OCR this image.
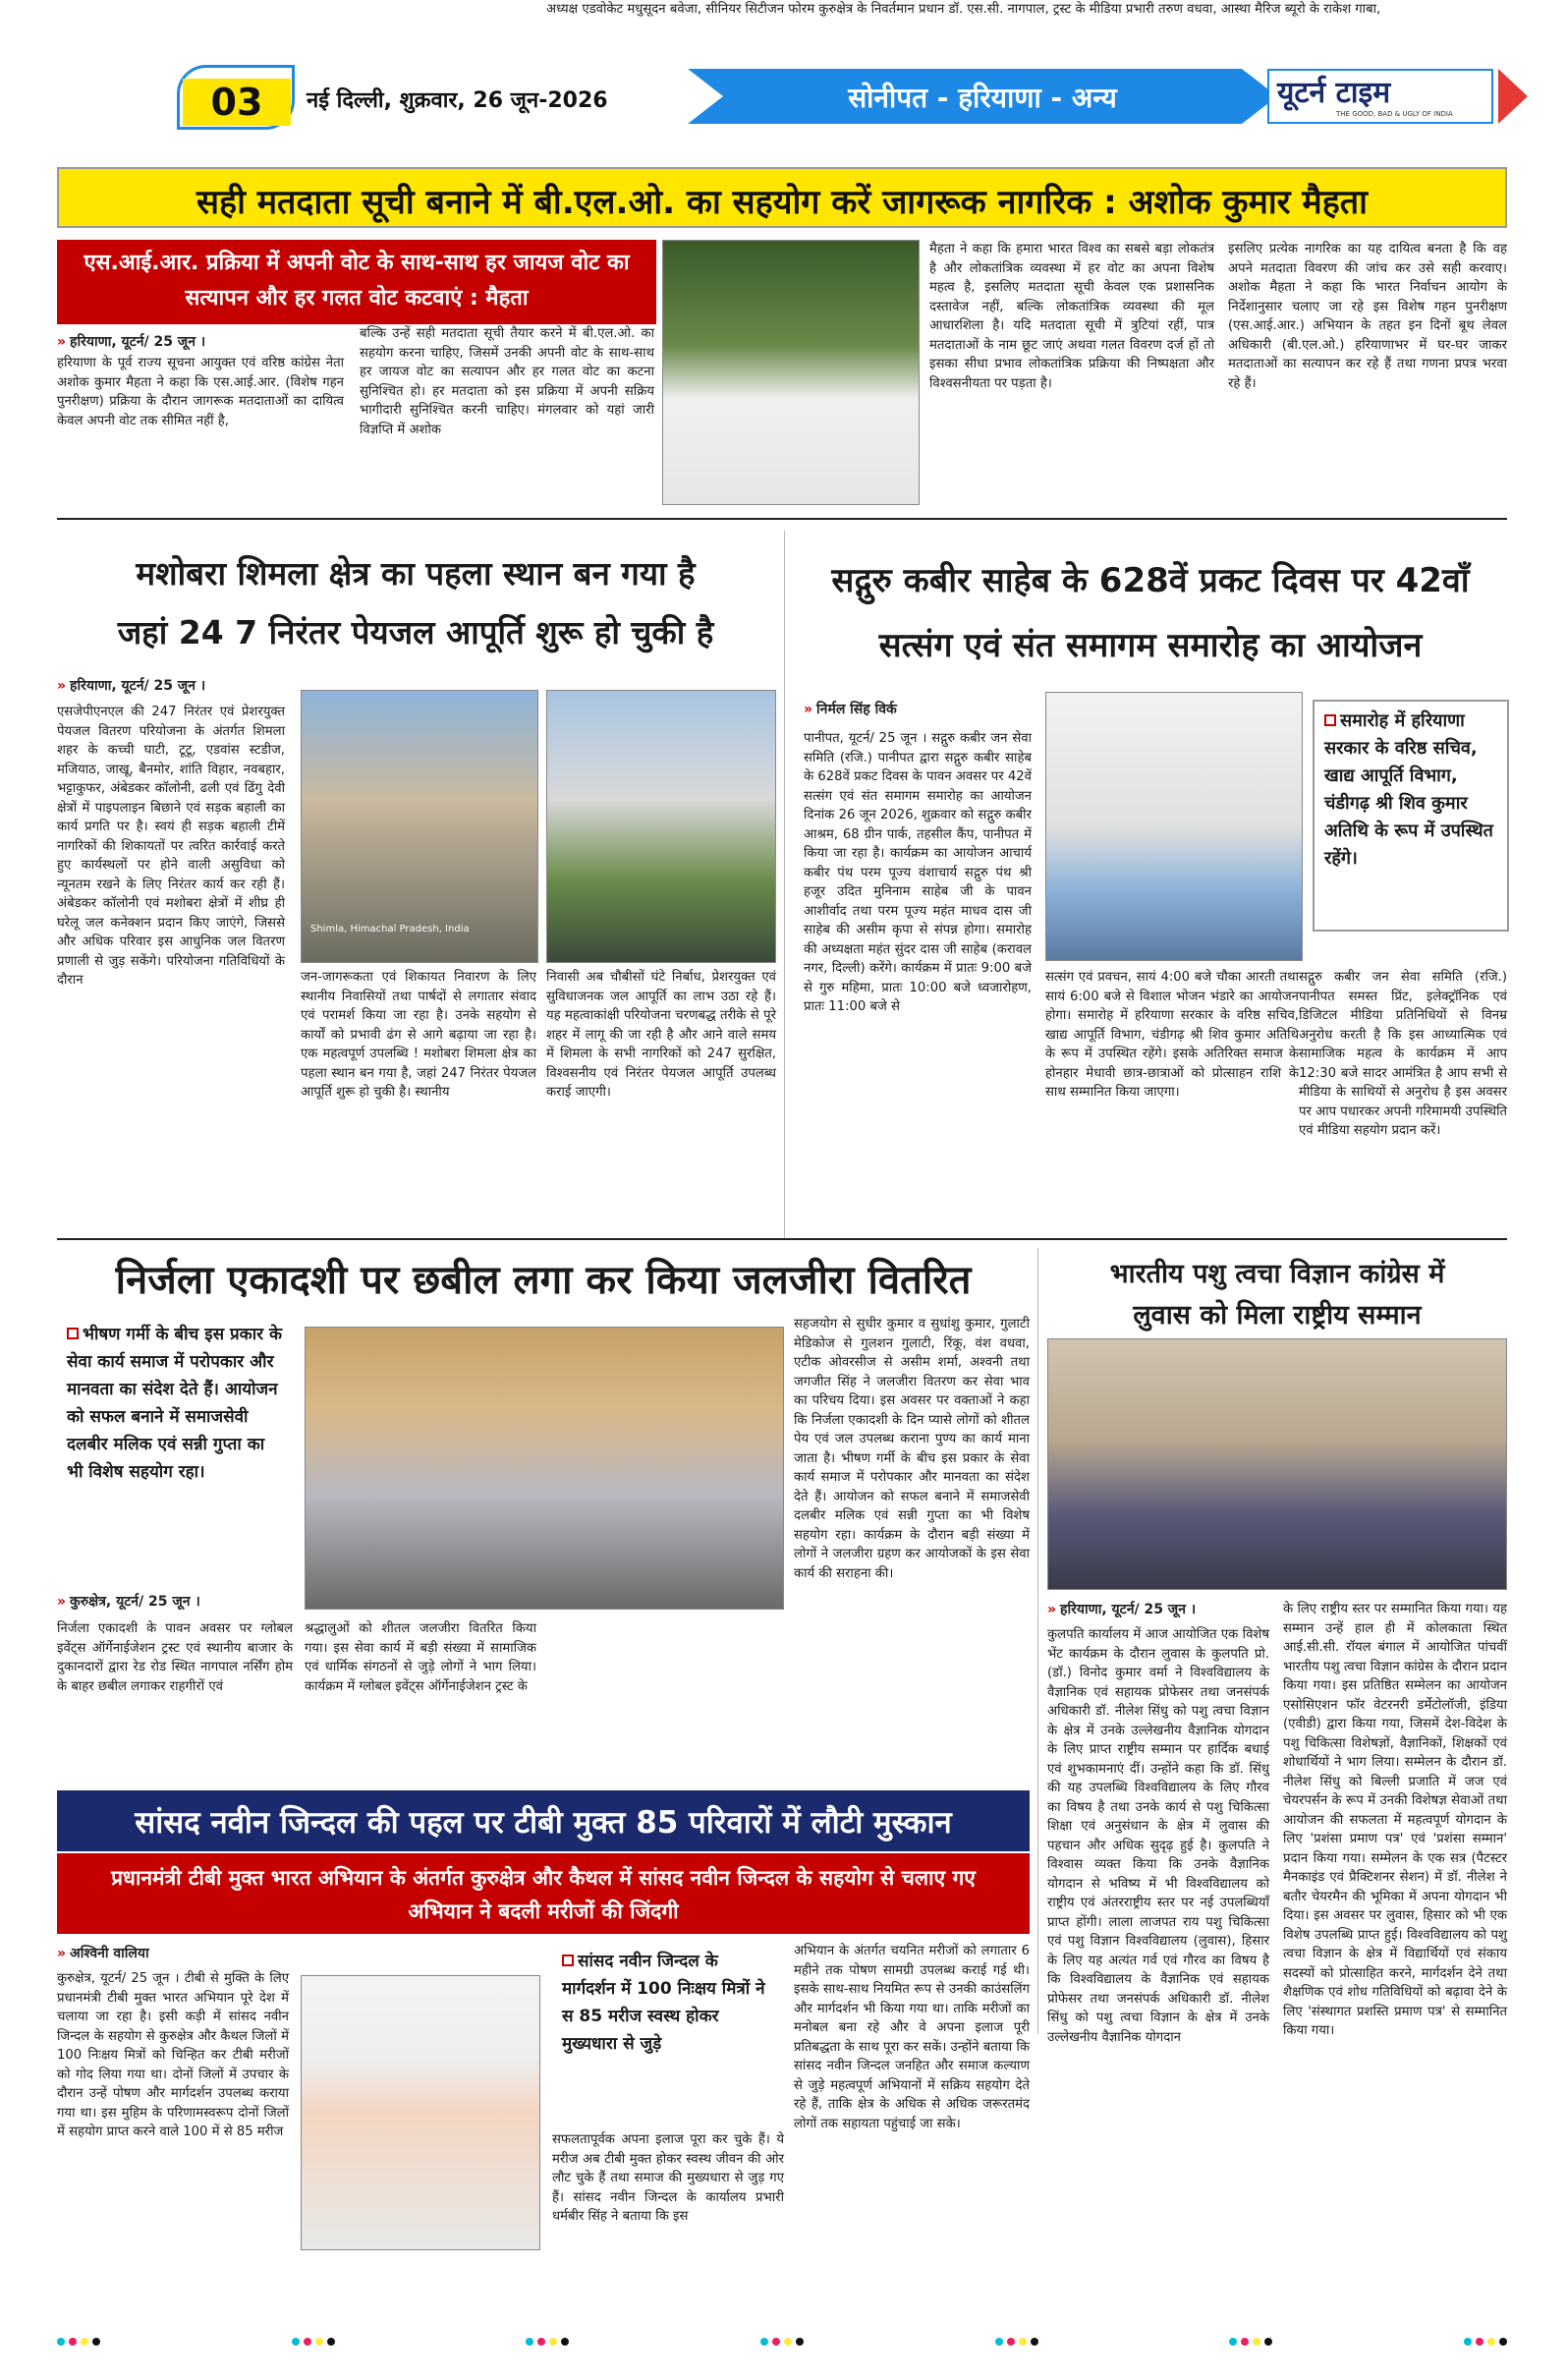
03	नई दिल्ली, शुक्रवार, 26 जून-2026	सोनीपत - हरियाणा - अन्य	यूटर्न टाइम
THE GOOD, BAD & UGLY OF INDIA
सही मतदाता सूची बनाने में बी.एल.ओ. का सहयोग करें जागरूक नागरिक : अशोक कुमार मैहता
एस.आई.आर. प्रक्रिया में अपनी वोट के साथ-साथ हर जायज वोट का सत्यापन और हर गलत वोट कटवाएं : मैहता
» हरियाणा, यूटर्न/ 25 जून ।
हरियाणा के पूर्व राज्य सूचना आयुक्त एवं वरिष्ठ कांग्रेस नेता अशोक कुमार मैहता ने कहा कि एस.आई.आर. (विशेष गहन पुनरीक्षण) प्रक्रिया के दौरान जागरूक मतदाताओं का दायित्व केवल अपनी वोट तक सीमित नहीं है,
बल्कि उन्हें सही मतदाता सूची तैयार करने में बी.एल.ओ. का सहयोग करना चाहिए, जिसमें उनकी अपनी वोट के साथ-साथ हर जायज वोट का सत्यापन और हर गलत वोट का कटना सुनिश्चित हो। हर मतदाता को इस प्रक्रिया में अपनी सक्रिय भागीदारी सुनिश्चित करनी चाहिए। मंगलवार को यहां जारी विज्ञप्ति में अशोक
मैहता ने कहा कि हमारा भारत विश्व का सबसे बड़ा लोकतंत्र है और लोकतांत्रिक व्यवस्था में हर वोट का अपना विशेष महत्व है, इसलिए मतदाता सूची केवल एक प्रशासनिक दस्तावेज नहीं, बल्कि लोकतांत्रिक व्यवस्था की मूल आधारशिला है। यदि मतदाता सूची में त्रुटियां रहीं, पात्र मतदाताओं के नाम छूट जाएं अथवा गलत विवरण दर्ज हों तो इसका सीधा प्रभाव लोकतांत्रिक प्रक्रिया की निष्पक्षता और विश्वसनीयता पर पड़ता है।
इसलिए प्रत्येक नागरिक का यह दायित्व बनता है कि वह अपने मतदाता विवरण की जांच कर उसे सही करवाए। अशोक मैहता ने कहा कि भारत निर्वाचन आयोग के निर्देशानुसार चलाए जा रहे इस विशेष गहन पुनरीक्षण (एस.आई.आर.) अभियान के तहत इन दिनों बूथ लेवल अधिकारी (बी.एल.ओ.) हरियाणाभर में घर-घर जाकर मतदाताओं का सत्यापन कर रहे हैं तथा गणना प्रपत्र भरवा रहे हैं।
मशोबरा शिमला क्षेत्र का पहला स्थान बन गया है
जहां 24 7 निरंतर पेयजल आपूर्ति शुरू हो चुकी है
» हरियाणा, यूटर्न/ 25 जून ।
एसजेपीएनएल की 247 निरंतर एवं प्रेशरयुक्त पेयजल वितरण परियोजना के अंतर्गत शिमला शहर के कच्ची घाटी, टूटू, एडवांस स्टडीज, मजियाठ, जाखू, बैनमोर, शांति विहार, नवबहार, भट्टाकुफर, अंबेडकर कॉलोनी, ढली एवं ढिंगु देवी क्षेत्रों में पाइपलाइन बिछाने एवं सड़क बहाली का कार्य प्रगति पर है। स्वयं ही सड़क बहाली टीमें नागरिकों की शिकायतों पर त्वरित कार्रवाई करते हुए कार्यस्थलों पर होने वाली असुविधा को न्यूनतम रखने के लिए निरंतर कार्य कर रही हैं। अंबेडकर कॉलोनी एवं मशोबरा क्षेत्रों में शीघ्र ही घरेलू जल कनेक्शन प्रदान किए जाएंगे, जिससे और अधिक परिवार इस आधुनिक जल वितरण प्रणाली से जुड़ सकेंगे। परियोजना गतिविधियों के दौरान
Shimla, Himachal Pradesh, India
जन-जागरूकता एवं शिकायत निवारण के लिए स्थानीय निवासियों तथा पार्षदों से लगातार संवाद एवं परामर्श किया जा रहा है। उनके सहयोग से कार्यों को प्रभावी ढंग से आगे बढ़ाया जा रहा है। एक महत्वपूर्ण उपलब्धि ! मशोबरा शिमला क्षेत्र का पहला स्थान बन गया है, जहां 247 निरंतर पेयजल आपूर्ति शुरू हो चुकी है। स्थानीय
निवासी अब चौबीसों घंटे निर्बाध, प्रेशरयुक्त एवं सुविधाजनक जल आपूर्ति का लाभ उठा रहे हैं। यह महत्वाकांक्षी परियोजना चरणबद्ध तरीके से पूरे शहर में लागू की जा रही है और आने वाले समय में शिमला के सभी नागरिकों को 247 सुरक्षित, विश्वसनीय एवं निरंतर पेयजल आपूर्ति उपलब्ध कराई जाएगी।
सद्गुरु कबीर साहेब के 628वें प्रकट दिवस पर 42वाँ
सत्संग एवं संत समागम समारोह का आयोजन
» निर्मल सिंह विर्क
पानीपत, यूटर्न/ 25 जून । सद्गुरु कबीर जन सेवा समिति (रजि.) पानीपत द्वारा सद्गुरु कबीर साहेब के 628वें प्रकट दिवस के पावन अवसर पर 42वें सत्संग एवं संत समागम समारोह का आयोजन दिनांक 26 जून 2026, शुक्रवार को सद्गुरु कबीर आश्रम, 68 ग्रीन पार्क, तहसील कैंप, पानीपत में किया जा रहा है। कार्यक्रम का आयोजन आचार्य कबीर पंथ परम पूज्य वंशाचार्य सद्गुरु पंथ श्री हजूर उदित मुनिनाम साहेब जी के पावन आशीर्वाद तथा परम पूज्य महंत माधव दास जी साहेब की असीम कृपा से संपन्न होगा। समारोह की अध्यक्षता महंत सुंदर दास जी साहेब (करावल नगर, दिल्ली) करेंगे। कार्यक्रम में प्रातः 9:00 बजे से गुरु महिमा, प्रातः 10:00 बजे ध्वजारोहण, प्रातः 11:00 बजे से
समारोह में हरियाणा सरकार के वरिष्ठ सचिव, खाद्य आपूर्ति विभाग, चंडीगढ़ श्री शिव कुमार अतिथि के रूप में उपस्थित रहेंगे।
सत्संग एवं प्रवचन, सायं 4:00 बजे चौका आरती तथा सायं 6:00 बजे से विशाल भोजन भंडारे का आयोजन होगा। समारोह में हरियाणा सरकार के वरिष्ठ सचिव, खाद्य आपूर्ति विभाग, चंडीगढ़ श्री शिव कुमार अतिथि के रूप में उपस्थित रहेंगे। इसके अतिरिक्त समाज के होनहार मेधावी छात्र-छात्राओं को प्रोत्साहन राशि के साथ सम्मानित किया जाएगा।
सद्गुरु कबीर जन सेवा समिति (रजि.) पानीपत समस्त प्रिंट, इलेक्ट्रॉनिक एवं डिजिटल मीडिया प्रतिनिधियों से विनम्र अनुरोध करती है कि इस आध्यात्मिक एवं सामाजिक महत्व के कार्यक्रम में आप 12:30 बजे सादर आमंत्रित है आप सभी से मीडिया के साथियों से अनुरोध है इस अवसर पर आप पधारकर अपनी गरिमामयी उपस्थिति एवं मीडिया सहयोग प्रदान करें।
निर्जला एकादशी पर छबील लगा कर किया जलजीरा वितरित
भीषण गर्मी के बीच इस प्रकार के सेवा कार्य समाज में परोपकार और मानवता का संदेश देते हैं। आयोजन को सफल बनाने में समाजसेवी दलबीर मलिक एवं सन्नी गुप्ता का भी विशेष सहयोग रहा।
» कुरुक्षेत्र, यूटर्न/ 25 जून ।
निर्जला एकादशी के पावन अवसर पर ग्लोबल इवेंट्स ऑर्गेनाईजेशन ट्रस्ट एवं स्थानीय बाजार के दुकानदारों द्वारा रेड रोड स्थित नागपाल नर्सिंग होम के बाहर छबील लगाकर राहगीरों एवं
श्रद्धालुओं को शीतल जलजीरा वितरित किया गया। इस सेवा कार्य में बड़ी संख्या में सामाजिक एवं धार्मिक संगठनों से जुड़े लोगों ने भाग लिया। कार्यक्रम में ग्लोबल इवेंट्स ऑर्गेनाईजेशन ट्रस्ट के
अध्यक्ष एडवोकेट मधुसूदन बवेजा, सीनियर सिटीजन फोरम कुरुक्षेत्र के निवर्तमान प्रधान डॉ. एस.सी. नागपाल, ट्रस्ट के मीडिया प्रभारी तरुण वधवा, आस्था मैरिज ब्यूरो के राकेश गाबा,
सहजयोग से सुधीर कुमार व सुधांशु कुमार, गुलाटी मेडिकोज से गुलशन गुलाटी, रिंकू, वंश वधवा, एटीक ओवरसीज से असीम शर्मा, अश्वनी तथा जगजीत सिंह ने जलजीरा वितरण कर सेवा भाव का परिचय दिया। इस अवसर पर वक्ताओं ने कहा कि निर्जला एकादशी के दिन प्यासे लोगों को शीतल पेय एवं जल उपलब्ध कराना पुण्य का कार्य माना जाता है। भीषण गर्मी के बीच इस प्रकार के सेवा कार्य समाज में परोपकार और मानवता का संदेश देते हैं। आयोजन को सफल बनाने में समाजसेवी दलबीर मलिक एवं सन्नी गुप्ता का भी विशेष सहयोग रहा। कार्यक्रम के दौरान बड़ी संख्या में लोगों ने जलजीरा ग्रहण कर आयोजकों के इस सेवा कार्य की सराहना की।
भारतीय पशु त्वचा विज्ञान कांग्रेस में
लुवास को मिला राष्ट्रीय सम्मान
» हरियाणा, यूटर्न/ 25 जून ।
कुलपति कार्यालय में आज आयोजित एक विशेष भेंट कार्यक्रम के दौरान लुवास के कुलपति प्रो. (डॉ.) विनोद कुमार वर्मा ने विश्वविद्यालय के वैज्ञानिक एवं सहायक प्रोफेसर तथा जनसंपर्क अधिकारी डॉ. नीलेश सिंधु को पशु त्वचा विज्ञान के क्षेत्र में उनके उल्लेखनीय वैज्ञानिक योगदान के लिए प्राप्त राष्ट्रीय सम्मान पर हार्दिक बधाई एवं शुभकामनाएं दीं। उन्होंने कहा कि डॉ. सिंधु की यह उपलब्धि विश्वविद्यालय के लिए गौरव का विषय है तथा उनके कार्य से पशु चिकित्सा शिक्षा एवं अनुसंधान के क्षेत्र में लुवास की पहचान और अधिक सुदृढ़ हुई है। कुलपति ने विश्वास व्यक्त किया कि उनके वैज्ञानिक योगदान से भविष्य में भी विश्वविद्यालय को राष्ट्रीय एवं अंतरराष्ट्रीय स्तर पर नई उपलब्धियाँ प्राप्त होंगी। लाला लाजपत राय पशु चिकित्सा एवं पशु विज्ञान विश्वविद्यालय (लुवास), हिसार के लिए यह अत्यंत गर्व एवं गौरव का विषय है कि विश्वविद्यालय के वैज्ञानिक एवं सहायक प्रोफेसर तथा जनसंपर्क अधिकारी डॉ. नीलेश सिंधु को पशु त्वचा विज्ञान के क्षेत्र में उनके उल्लेखनीय वैज्ञानिक योगदान
के लिए राष्ट्रीय स्तर पर सम्मानित किया गया। यह सम्मान उन्हें हाल ही में कोलकाता स्थित आई.सी.सी. रॉयल बंगाल में आयोजित पांचवीं भारतीय पशु त्वचा विज्ञान कांग्रेस के दौरान प्रदान किया गया। इस प्रतिष्ठित सम्मेलन का आयोजन एसोसिएशन फॉर वेटरनरी डर्मेटोलॉजी, इंडिया (एवीडी) द्वारा किया गया, जिसमें देश-विदेश के पशु चिकित्सा विशेषज्ञों, वैज्ञानिकों, शिक्षकों एवं शोधार्थियों ने भाग लिया। सम्मेलन के दौरान डॉ. नीलेश सिंधु को बिल्ली प्रजाति में जज एवं चेयरपर्सन के रूप में उनकी विशेषज्ञ सेवाओं तथा आयोजन की सफलता में महत्वपूर्ण योगदान के लिए 'प्रशंसा प्रमाण पत्र' एवं 'प्रशंसा सम्मान' प्रदान किया गया। सम्मेलन के एक सत्र (पैटस्टर मैनकाइंड एवं प्रैक्टिशनर सेशन) में डॉ. नीलेश ने बतौर चेयरमैन की भूमिका में अपना योगदान भी दिया। इस अवसर पर लुवास, हिसार को भी एक विशेष उपलब्धि प्राप्त हुई। विश्वविद्यालय को पशु त्वचा विज्ञान के क्षेत्र में विद्यार्थियों एवं संकाय सदस्यों को प्रोत्साहित करने, मार्गदर्शन देने तथा शैक्षणिक एवं शोध गतिविधियों को बढ़ावा देने के लिए 'संस्थागत प्रशस्ति प्रमाण पत्र' से सम्मानित किया गया।
सांसद नवीन जिन्दल की पहल पर टीबी मुक्त 85 परिवारों में लौटी मुस्कान
प्रधानमंत्री टीबी मुक्त भारत अभियान के अंतर्गत कुरुक्षेत्र और कैथल में सांसद नवीन जिन्दल के सहयोग से चलाए गए अभियान ने बदली मरीजों की जिंदगी
» अश्विनी वालिया
कुरुक्षेत्र, यूटर्न/ 25 जून । टीबी से मुक्ति के लिए प्रधानमंत्री टीबी मुक्त भारत अभियान पूरे देश में चलाया जा रहा है। इसी कड़ी में सांसद नवीन जिन्दल के सहयोग से कुरुक्षेत्र और कैथल जिलों में 100 निःक्षय मित्रों को चिन्हित कर टीबी मरीजों को गोद लिया गया था। दोनों जिलों में उपचार के दौरान उन्हें पोषण और मार्गदर्शन उपलब्ध कराया गया था। इस मुहिम के परिणामस्वरूप दोनों जिलों में सहयोग प्राप्त करने वाले 100 में से 85 मरीज
सांसद नवीन जिन्दल के मार्गदर्शन में 100 निःक्षय मित्रों ने स 85 मरीज स्वस्थ होकर मुख्यधारा से जुड़े
सफलतापूर्वक अपना इलाज पूरा कर चुके हैं। ये मरीज अब टीबी मुक्त होकर स्वस्थ जीवन की ओर लौट चुके हैं तथा समाज की मुख्यधारा से जुड़ गए हैं। सांसद नवीन जिन्दल के कार्यालय प्रभारी धर्मबीर सिंह ने बताया कि इस
अभियान के अंतर्गत चयनित मरीजों को लगातार 6 महीने तक पोषण सामग्री उपलब्ध कराई गई थी। इसके साथ-साथ नियमित रूप से उनकी काउंसलिंग और मार्गदर्शन भी किया गया था। ताकि मरीजों का मनोबल बना रहे और वे अपना इलाज पूरी प्रतिबद्धता के साथ पूरा कर सकें। उन्होंने बताया कि सांसद नवीन जिन्दल जनहित और समाज कल्याण से जुड़े महत्वपूर्ण अभियानों में सक्रिय सहयोग देते रहे हैं, ताकि क्षेत्र के अधिक से अधिक जरूरतमंद लोगों तक सहायता पहुंचाई जा सके।
